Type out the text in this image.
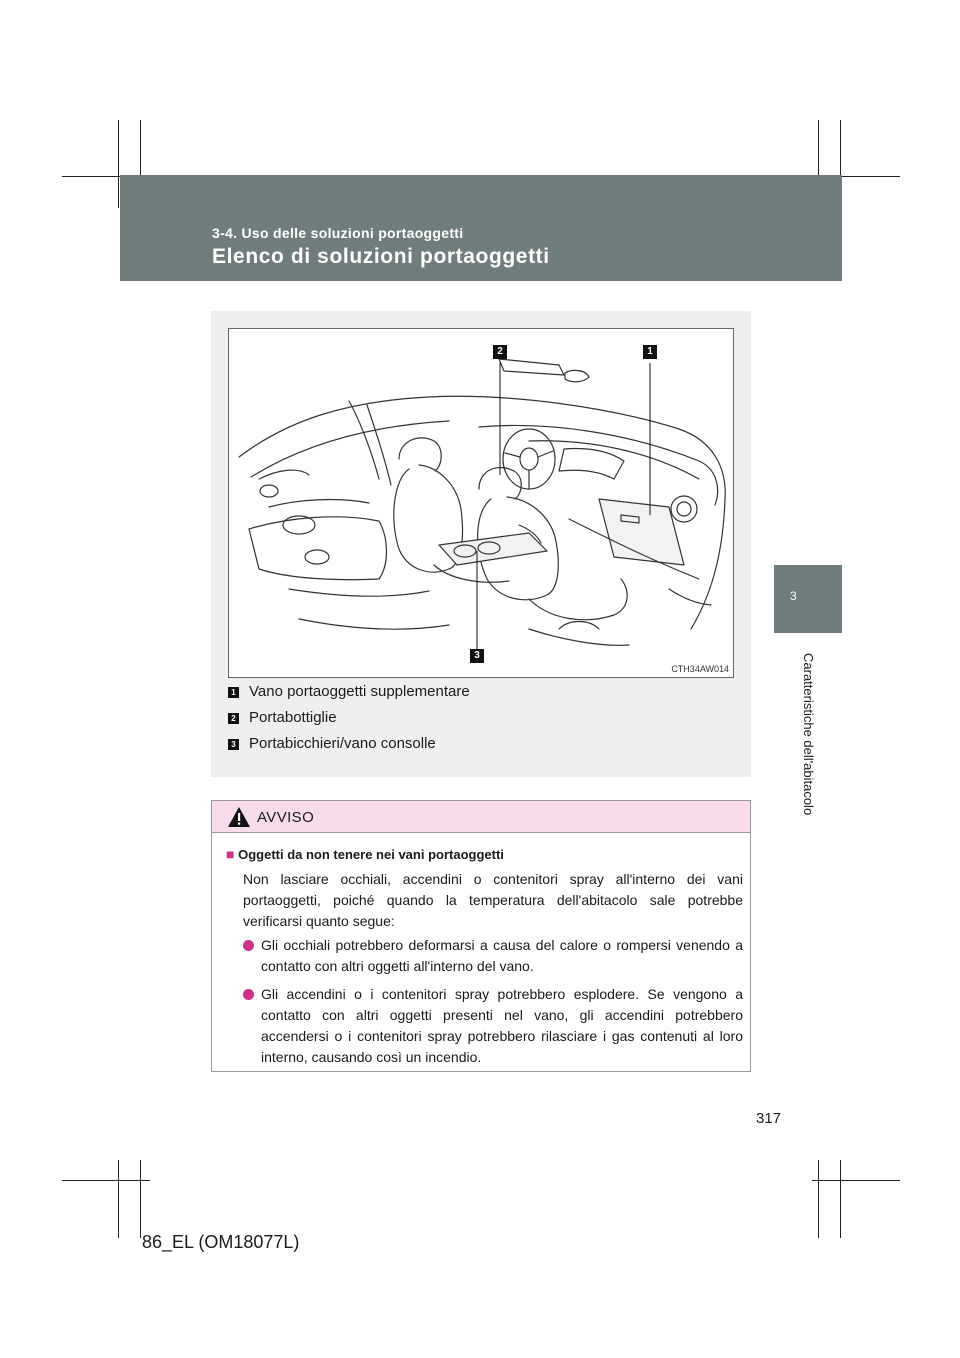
3-4. Uso delle soluzioni portaoggetti
Elenco di soluzioni portaoggetti
3
Caratteristiche dell'abitacolo
2	1
3
CTH34AW014
1 Vano portaoggetti supplementare
2 Portabottiglie
3 Portabicchieri/vano consolle
AVVISO
■ Oggetti da non tenere nei vani portaoggetti
Non lasciare occhiali, accendini o contenitori spray all'interno dei vani portaoggetti, poiché quando la temperatura dell'abitacolo sale potrebbe verificarsi quanto segue:
Gli occhiali potrebbero deformarsi a causa del calore o rompersi venendo a contatto con altri oggetti all'interno del vano.
Gli accendini o i contenitori spray potrebbero esplodere. Se vengono a contatto con altri oggetti presenti nel vano, gli accendini potrebbero accendersi o i contenitori spray potrebbero rilasciare i gas contenuti al loro interno, causando così un incendio.
317
86_EL (OM18077L)
